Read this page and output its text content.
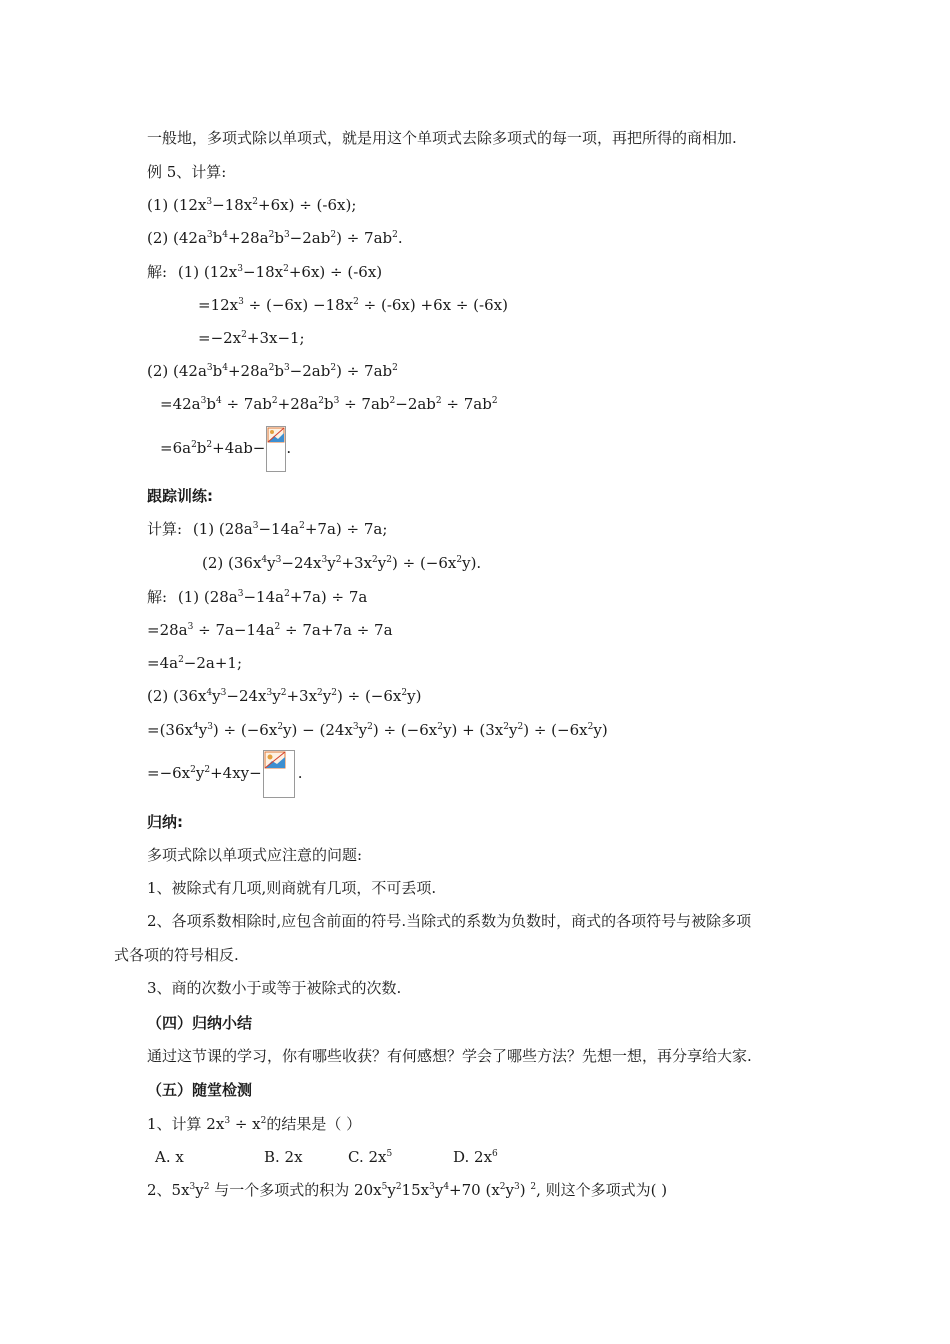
一般地，多项式除以单项式，就是用这个单项式去除多项式的每一项，再把所得的商相加.
例 5、计算:
(1) $(12x^3-18x^2+6x) \div (-6x)$;
(2) $(42a^3b^4+28a^2b^3-2ab^2) \div 7ab^2$.
解: (1) $(12x^3-18x^2+6x) \div (-6x)$
$=12x^3 \div (-6x) -18x^2 \div (-6x) +6x \div (-6x)$
$=-2x^2+3x-1$;
(2) $(42a^3b^4+28a^2b^3-2ab^2) \div 7ab^2$
$=42a^3b^4 \div 7ab^2+28a^2b^3 \div 7ab^2-2ab^2 \div 7ab^2$
$=6a^2b^2+4ab-$ .
跟踪训练:
计算: (1) $(28a^3-14a^2+7a) \div 7a$;
(2) $(36x^4y^3-24x^3y^2+3x^2y^2) \div (-6x^2y)$.
解: (1) $(28a^3-14a^2+7a) \div 7a$
$=28a^3 \div 7a-14a^2 \div 7a+7a \div 7a$
$=4a^2-2a+1$;
(2) $(36x^4y^3-24x^3y^2+3x^2y^2) \div (-6x^2y)$
$=(36x^4y^3) \div (-6x^2y) - (24x^3y^2) \div (-6x^2y) + (3x^2y^2) \div (-6x^2y)$
$=-6x^2y^2+4xy-$ .
归纳:
多项式除以单项式应注意的问题:
1、被除式有几项,则商就有几项，不可丢项.
2、各项系数相除时,应包含前面的符号.当除式的系数为负数时，商式的各项符号与被除多项
式各项的符号相反.
3、商的次数小于或等于被除式的次数.
（四）归纳小结
通过这节课的学习，你有哪些收获？有何感想？学会了哪些方法？先想一想，再分享给大家.
（五）随堂检测
1、计算 $2x^3 \div x^2$的结果是（ ）
A. x	B. 2x	C. $2x^5$	D. $2x^6$
2、$5x^3y^2$ 与一个多项式的积为 $20x^5y^215x^3y^4+70$ $(x^2y^3)$ $^2$, 则这个多项式为( )
